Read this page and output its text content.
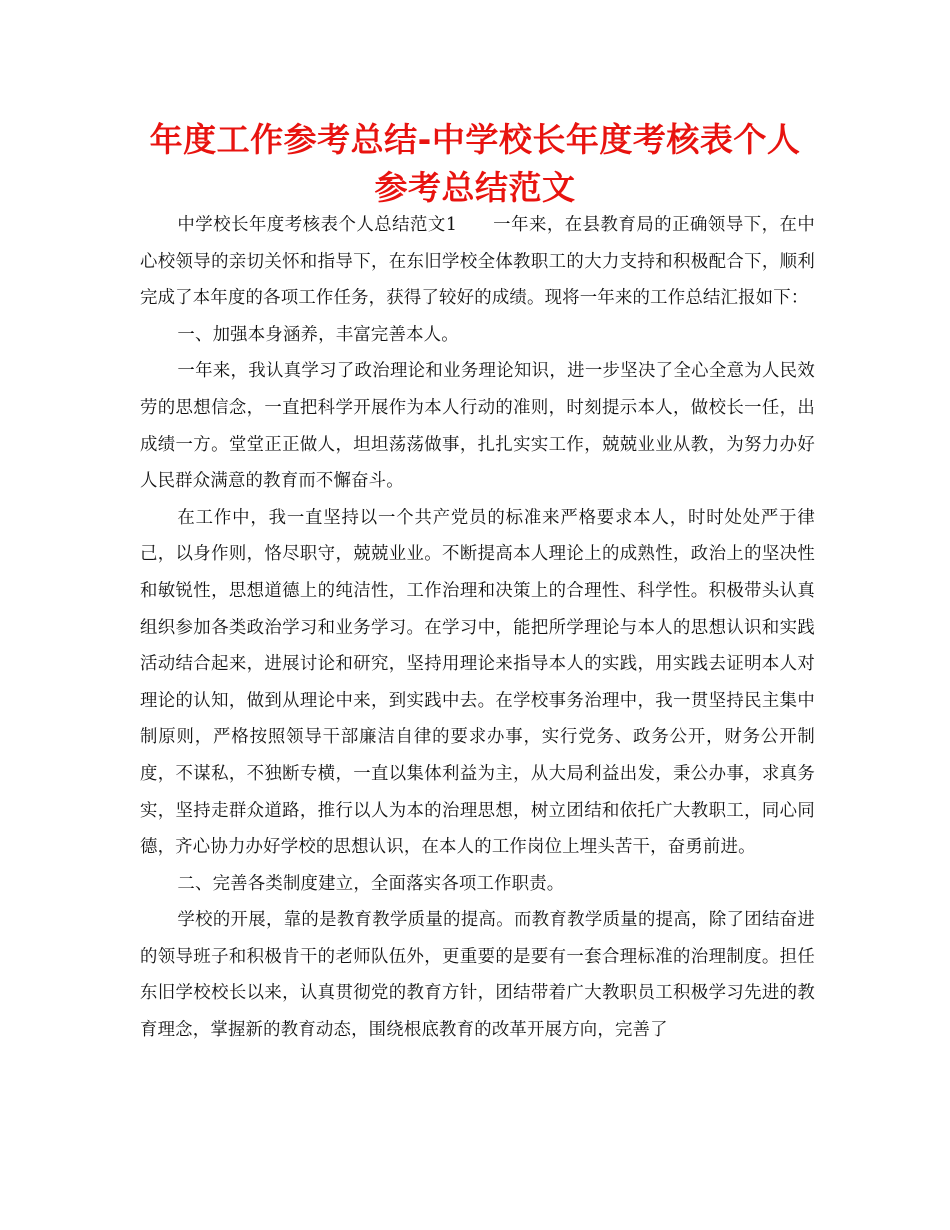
年度工作参考总结-中学校长年度考核表个人参考总结范文

中学校长年度考核表个人总结范文1　　一年来，在县教育局的正确领导下，在中心校领导的亲切关怀和指导下，在东旧学校全体教职工的大力支持和积极配合下，顺利完成了本年度的各项工作任务，获得了较好的成绩。现将一年来的工作总结汇报如下：

一、加强本身涵养，丰富完善本人。

一年来，我认真学习了政治理论和业务理论知识，进一步坚决了全心全意为人民效劳的思想信念，一直把科学开展作为本人行动的准则，时刻提示本人，做校长一任，出成绩一方。堂堂正正做人，坦坦荡荡做事，扎扎实实工作，兢兢业业从教，为努力办好人民群众满意的教育而不懈奋斗。

在工作中，我一直坚持以一个共产党员的标准来严格要求本人，时时处处严于律己，以身作则，恪尽职守，兢兢业业。不断提高本人理论上的成熟性，政治上的坚决性和敏锐性，思想道德上的纯洁性，工作治理和决策上的合理性、科学性。积极带头认真组织参加各类政治学习和业务学习。在学习中，能把所学理论与本人的思想认识和实践活动结合起来，进展讨论和研究，坚持用理论来指导本人的实践，用实践去证明本人对理论的认知，做到从理论中来，到实践中去。在学校事务治理中，我一贯坚持民主集中制原则，严格按照领导干部廉洁自律的要求办事，实行党务、政务公开，财务公开制度，不谋私，不独断专横，一直以集体利益为主，从大局利益出发，秉公办事，求真务实，坚持走群众道路，推行以人为本的治理思想，树立团结和依托广大教职工，同心同德，齐心协力办好学校的思想认识，在本人的工作岗位上埋头苦干，奋勇前进。

二、完善各类制度建立，全面落实各项工作职责。

学校的开展，靠的是教育教学质量的提高。而教育教学质量的提高，除了团结奋进的领导班子和积极肯干的老师队伍外，更重要的是要有一套合理标准的治理制度。担任东旧学校校长以来，认真贯彻党的教育方针，团结带着广大教职员工积极学习先进的教育理念，掌握新的教育动态，围绕根底教育的改革开展方向，完善了
